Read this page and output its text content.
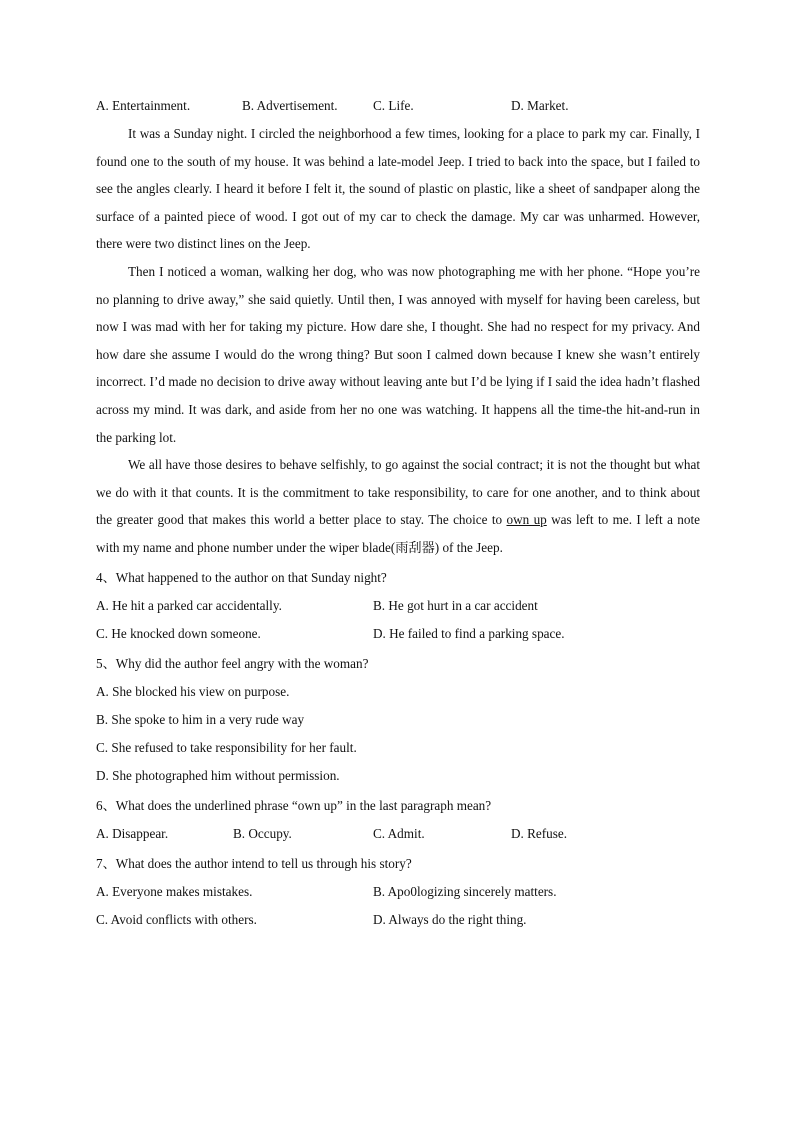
A. Entertainment.	B. Advertisement.	C. Life.	D. Market.

It was a Sunday night. I circled the neighborhood a few times, looking for a place to park my car. Finally, I found one to the south of my house. It was behind a late-model Jeep. I tried to back into the space, but I failed to see the angles clearly. I heard it before I felt it, the sound of plastic on plastic, like a sheet of sandpaper along the surface of a painted piece of wood. I got out of my car to check the damage. My car was unharmed. However, there were two distinct lines on the Jeep.

Then I noticed a woman, walking her dog, who was now photographing me with her phone. “Hope you’re no planning to drive away,” she said quietly. Until then, I was annoyed with myself for having been careless, but now I was mad with her for taking my picture. How dare she, I thought. She had no respect for my privacy. And how dare she assume I would do the wrong thing? But soon I calmed down because I knew she wasn’t entirely incorrect. I’d made no decision to drive away without leaving ante but I’d be lying if I said the idea hadn’t flashed across my mind. It was dark, and aside from her no one was watching. It happens all the time-the hit-and-run in the parking lot.

We all have those desires to behave selfishly, to go against the social contract; it is not the thought but what we do with it that counts. It is the commitment to take responsibility, to care for one another, and to think about the greater good that makes this world a better place to stay. The choice to own up was left to me. I left a note with my name and phone number under the wiper blade(雨刮器) of the Jeep.

4、What happened to the author on that Sunday night?
A. He hit a parked car accidentally.	B. He got hurt in a car accident
C. He knocked down someone.	D. He failed to find a parking space.
5、Why did the author feel angry with the woman?
A. She blocked his view on purpose.
B. She spoke to him in a very rude way
C. She refused to take responsibility for her fault.
D. She photographed him without permission.
6、What does the underlined phrase “own up” in the last paragraph mean?
A. Disappear.	B. Occupy.	C. Admit.	D. Refuse.
7、What does the author intend to tell us through his story?
A. Everyone makes mistakes.	B. Apo0logizing sincerely matters.
C. Avoid conflicts with others.	D. Always do the right thing.
